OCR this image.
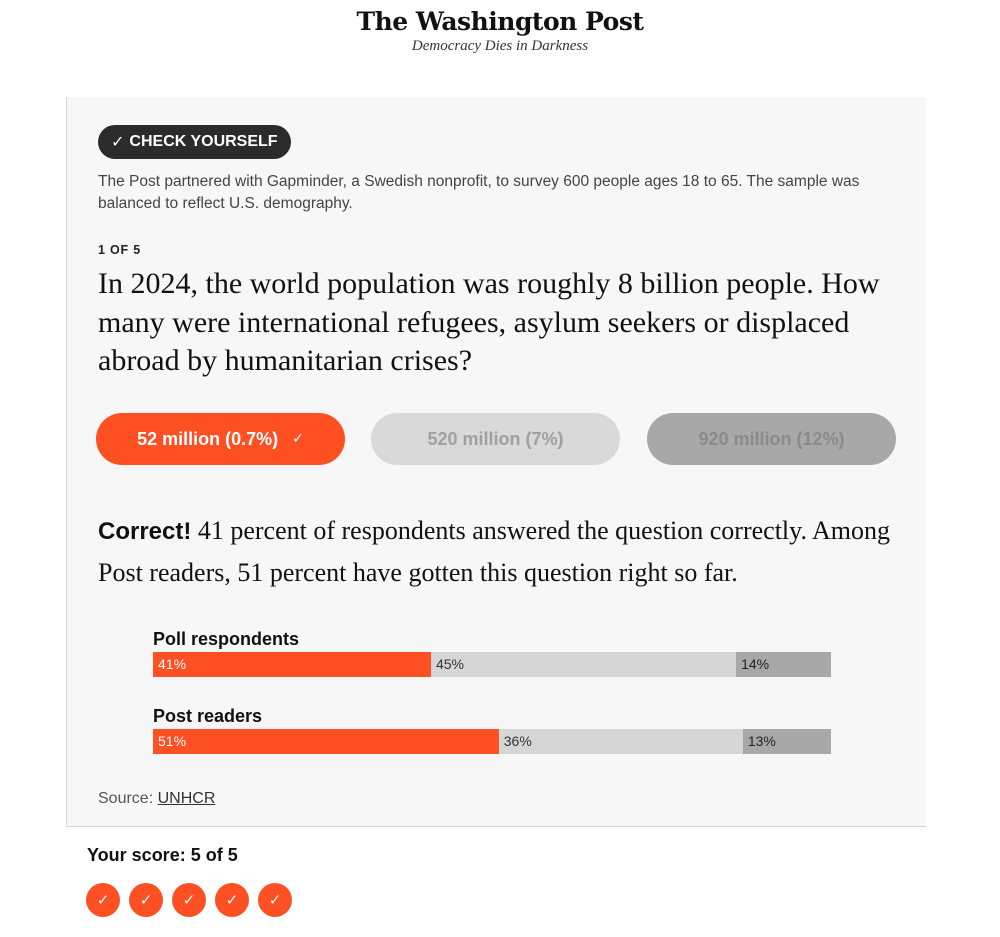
The Washington Post
Democracy Dies in Darkness
✓ CHECK YOURSELF
The Post partnered with Gapminder, a Swedish nonprofit, to survey 600 people ages 18 to 65. The sample was balanced to reflect U.S. demography.
1 OF 5
In 2024, the world population was roughly 8 billion people. How many were international refugees, asylum seekers or displaced abroad by humanitarian crises?
52 million (0.7%) ✓	520 million (7%)	920 million (12%)
Correct! 41 percent of respondents answered the question correctly. Among Post readers, 51 percent have gotten this question right so far.
Poll respondents
41%	45%	14%
Post readers
51%	36%	13%
Source: UNHCR
Your score: 5 of 5
✓	✓	✓	✓	✓
